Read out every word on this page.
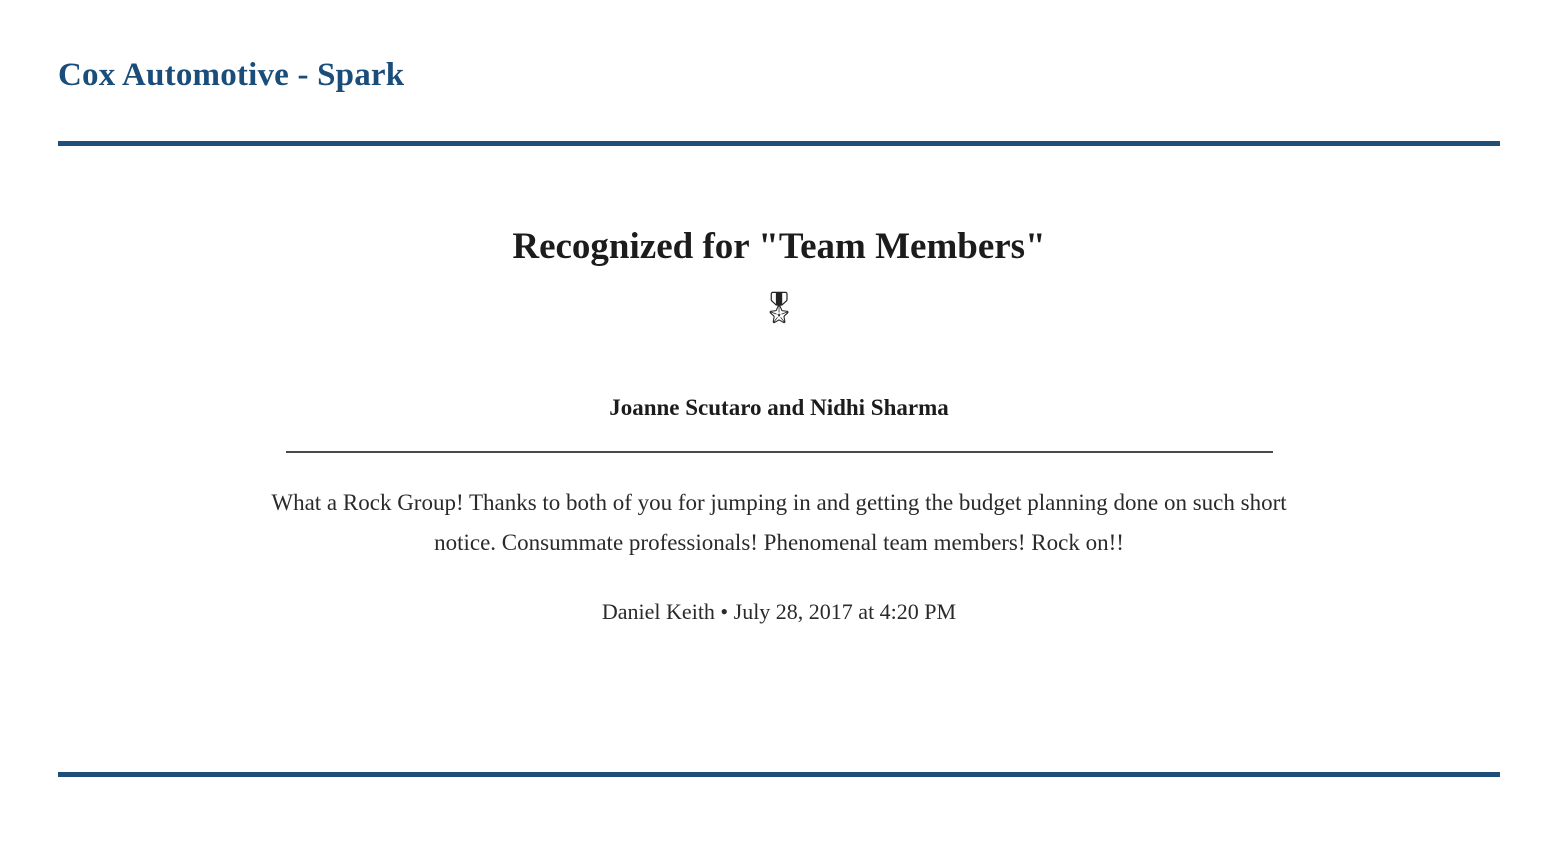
Cox Automotive - Spark
Recognized for "Team Members"
🎖
Joanne Scutaro and Nidhi Sharma
What a Rock Group! Thanks to both of you for jumping in and getting the budget planning done on such short notice. Consummate professionals! Phenomenal team members! Rock on!!
Daniel Keith • July 28, 2017 at 4:20 PM
